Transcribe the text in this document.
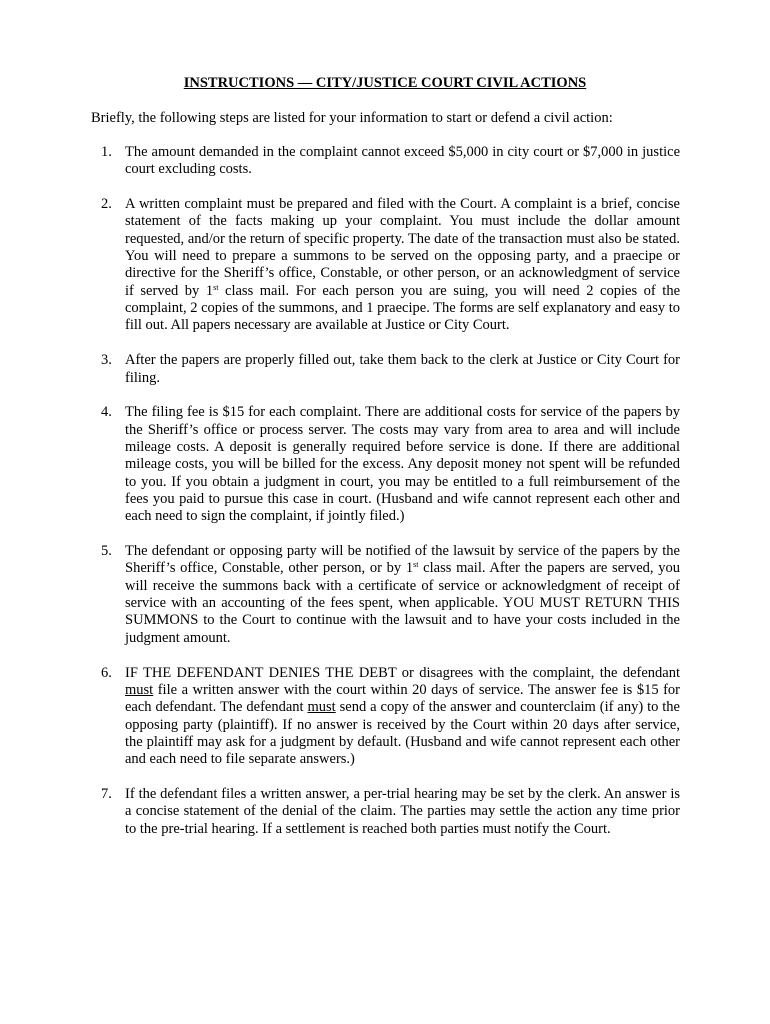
INSTRUCTIONS — CITY/JUSTICE COURT CIVIL ACTIONS
Briefly, the following steps are listed for your information to start or defend a civil action:
1. The amount demanded in the complaint cannot exceed $5,000 in city court or $7,000 in justice court excluding costs.
2. A written complaint must be prepared and filed with the Court. A complaint is a brief, concise statement of the facts making up your complaint. You must include the dollar amount requested, and/or the return of specific property. The date of the transaction must also be stated. You will need to prepare a summons to be served on the opposing party, and a praecipe or directive for the Sheriff’s office, Constable, or other person, or an acknowledgment of service if served by 1st class mail. For each person you are suing, you will need 2 copies of the complaint, 2 copies of the summons, and 1 praecipe. The forms are self explanatory and easy to fill out. All papers necessary are available at Justice or City Court.
3. After the papers are properly filled out, take them back to the clerk at Justice or City Court for filing.
4. The filing fee is $15 for each complaint. There are additional costs for service of the papers by the Sheriff’s office or process server. The costs may vary from area to area and will include mileage costs. A deposit is generally required before service is done. If there are additional mileage costs, you will be billed for the excess. Any deposit money not spent will be refunded to you. If you obtain a judgment in court, you may be entitled to a full reimbursement of the fees you paid to pursue this case in court. (Husband and wife cannot represent each other and each need to sign the complaint, if jointly filed.)
5. The defendant or opposing party will be notified of the lawsuit by service of the papers by the Sheriff’s office, Constable, other person, or by 1st class mail. After the papers are served, you will receive the summons back with a certificate of service or acknowledgment of receipt of service with an accounting of the fees spent, when applicable. YOU MUST RETURN THIS SUMMONS to the Court to continue with the lawsuit and to have your costs included in the judgment amount.
6. IF THE DEFENDANT DENIES THE DEBT or disagrees with the complaint, the defendant must file a written answer with the court within 20 days of service. The answer fee is $15 for each defendant. The defendant must send a copy of the answer and counterclaim (if any) to the opposing party (plaintiff). If no answer is received by the Court within 20 days after service, the plaintiff may ask for a judgment by default. (Husband and wife cannot represent each other and each need to file separate answers.)
7. If the defendant files a written answer, a per-trial hearing may be set by the clerk. An answer is a concise statement of the denial of the claim. The parties may settle the action any time prior to the pre-trial hearing. If a settlement is reached both parties must notify the Court.
